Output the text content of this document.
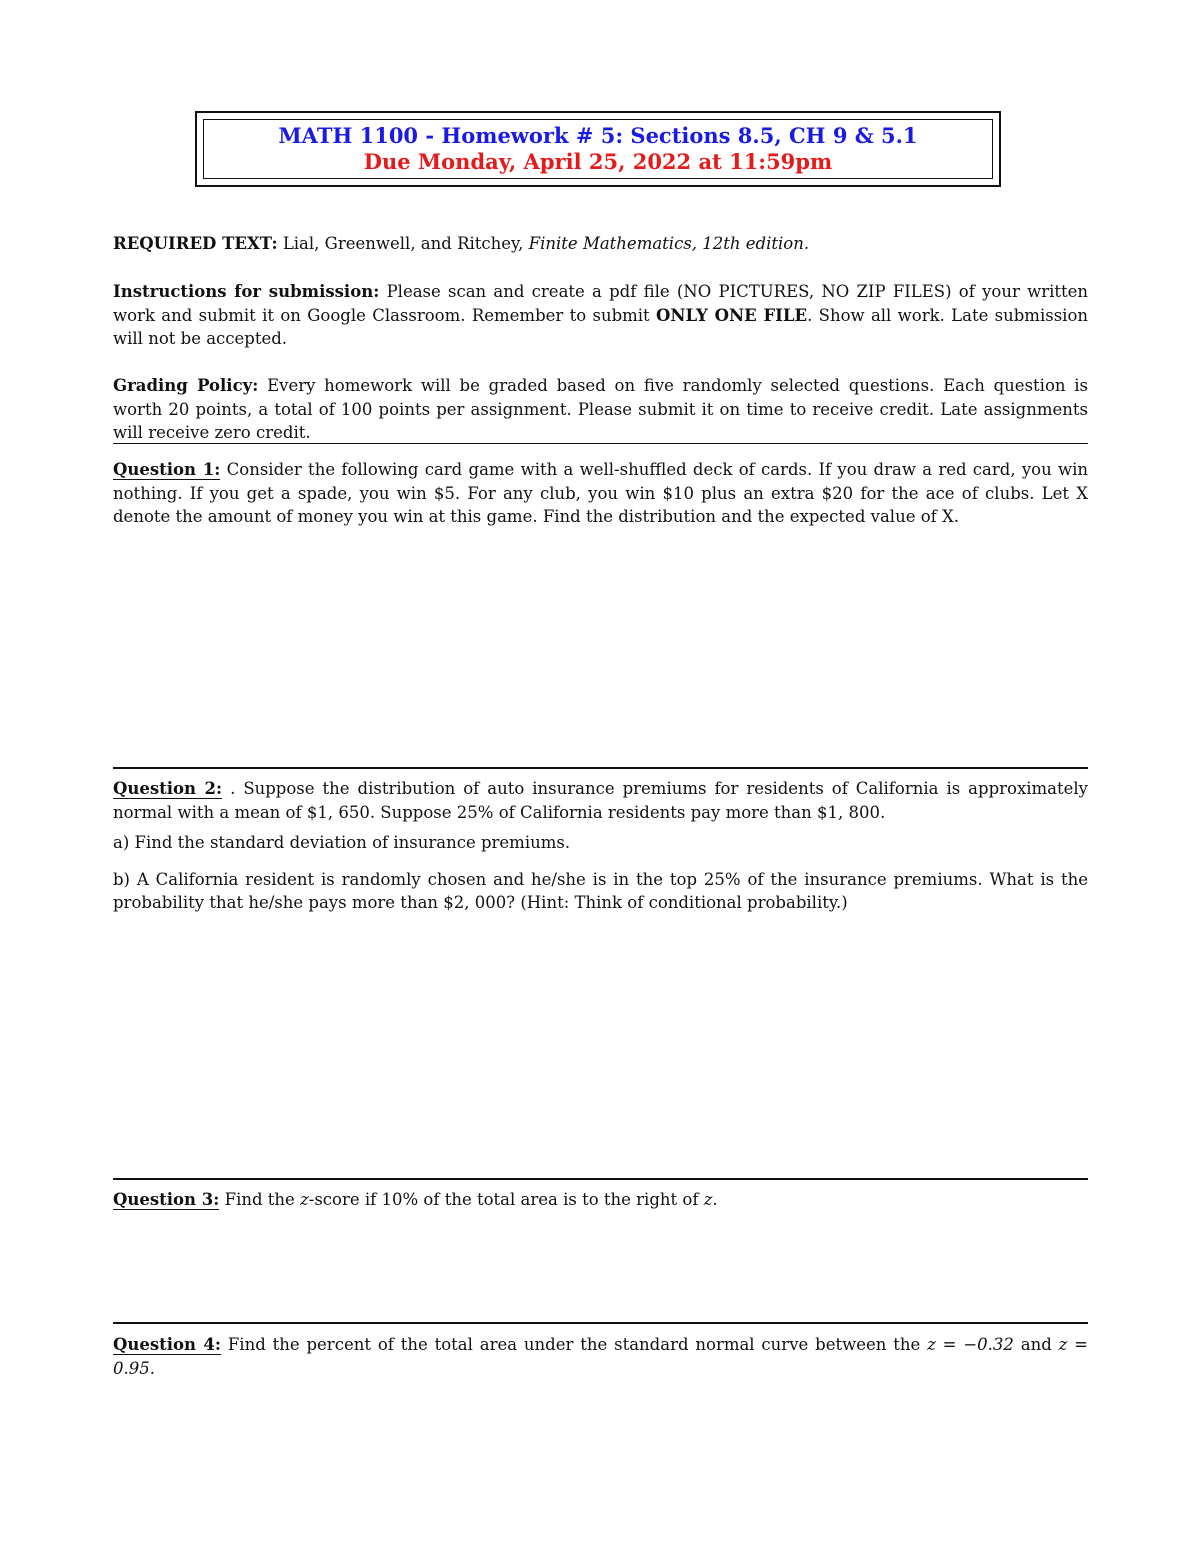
MATH 1100 - Homework # 5: Sections 8.5, CH 9 & 5.1
Due Monday, April 25, 2022 at 11:59pm

REQUIRED TEXT: Lial, Greenwell, and Ritchey, Finite Mathematics, 12th edition.

Instructions for submission: Please scan and create a pdf file (NO PICTURES, NO ZIP FILES) of your written work and submit it on Google Classroom. Remember to submit ONLY ONE FILE. Show all work. Late submission will not be accepted.

Grading Policy: Every homework will be graded based on five randomly selected questions. Each question is worth 20 points, a total of 100 points per assignment. Please submit it on time to receive credit. Late assignments will receive zero credit.

Question 1: Consider the following card game with a well-shuffled deck of cards. If you draw a red card, you win nothing. If you get a spade, you win $5. For any club, you win $10 plus an extra $20 for the ace of clubs. Let X denote the amount of money you win at this game. Find the distribution and the expected value of X.

Question 2: . Suppose the distribution of auto insurance premiums for residents of California is approximately normal with a mean of $1, 650. Suppose 25% of California residents pay more than $1, 800.

a) Find the standard deviation of insurance premiums.

b) A California resident is randomly chosen and he/she is in the top 25% of the insurance premiums. What is the probability that he/she pays more than $2, 000? (Hint: Think of conditional probability.)

Question 3: Find the z-score if 10% of the total area is to the right of z.

Question 4: Find the percent of the total area under the standard normal curve between the z = −0.32 and z = 0.95.
